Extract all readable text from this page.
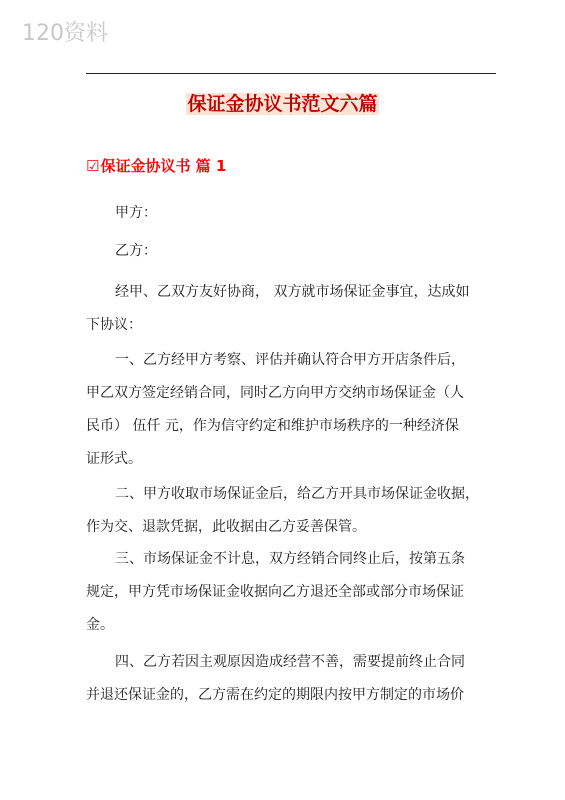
120资料
保证金协议书范文六篇
☑保证金协议书 篇 1
甲方：
乙方：
经甲、乙双方友好协商， 双方就市场保证金事宜，达成如
下协议：
一、乙方经甲方考察、评估并确认符合甲方开店条件后，
甲乙双方签定经销合同，同时乙方向甲方交纳市场保证金（人
民币） 伍仟 元，作为信守约定和维护市场秩序的一种经济保
证形式。
二、甲方收取市场保证金后，给乙方开具市场保证金收据，
作为交、退款凭据，此收据由乙方妥善保管。
三、市场保证金不计息，双方经销合同终止后，按第五条
规定，甲方凭市场保证金收据向乙方退还全部或部分市场保证
金。
四、乙方若因主观原因造成经营不善，需要提前终止合同
并退还保证金的，乙方需在约定的期限内按甲方制定的市场价
